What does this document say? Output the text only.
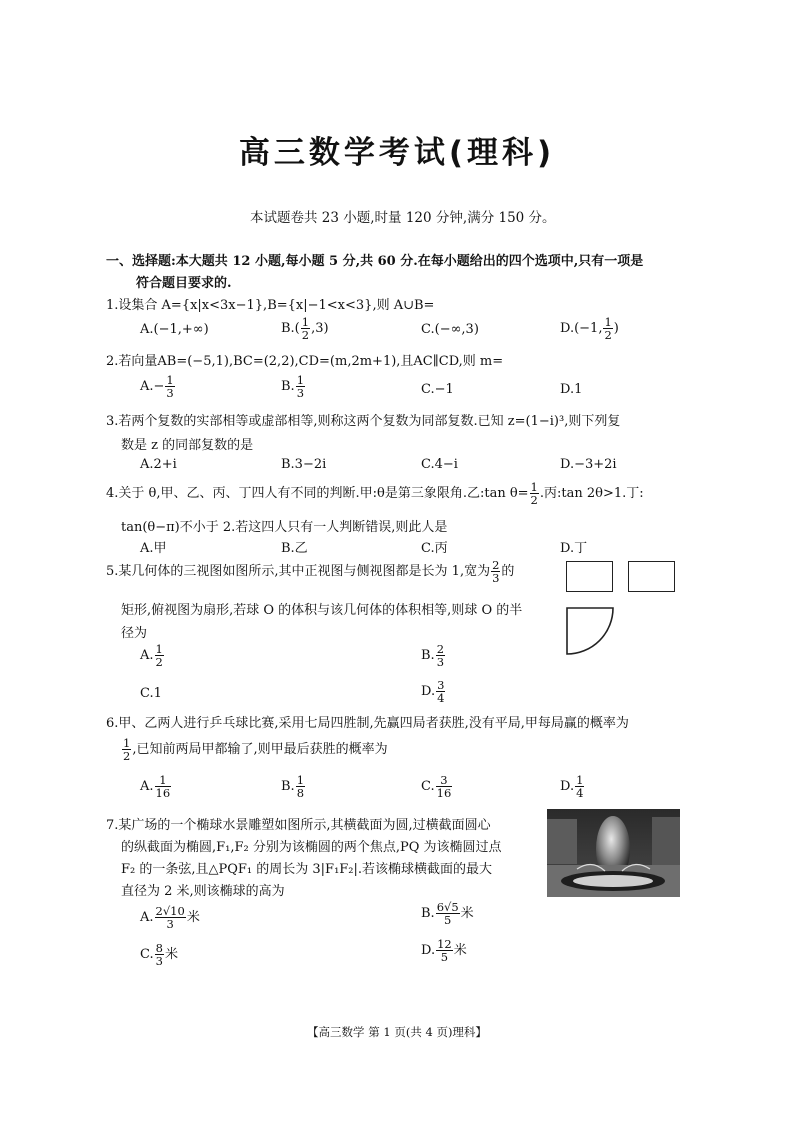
高三数学考试(理科)
本试题卷共 23 小题,时量 120 分钟,满分 150 分。
一、选择题:本大题共 12 小题,每小题 5 分,共 60 分.在每小题给出的四个选项中,只有一项是
符合题目要求的.
1.设集合 A={x|x<3x−1},B={x|−1<x<3},则 A∪B=
A.(−1,+∞)	$B.( \frac{1}{2} ,3)$	C.(−∞,3)	D.(−1, $\frac{1}{2}$ )
2.若向量AB=(−5,1),BC=(2,2),CD=(m,2m+1),且AC∥CD,则 m=
$A.- \frac{1}{3}$	B. $\frac{1}{3}$	C.−1	D.1
3.若两个复数的实部相等或虚部相等,则称这两个复数为同部复数.已知 z=(1−i)³,则下列复
数是 z 的同部复数的是
A.2+i	B.3−2i	C.4−i	D.−3+2i
4.关于 θ,甲、乙、丙、丁四人有不同的判断.甲:θ是第三象限角.乙:tan $\theta= \frac{1}{2}$ .丙:tan 2θ>1.丁:
tan(θ−π)不小于 2.若这四人只有一人判断错误,则此人是
A.甲	B.乙	C.丙	D.丁
5.某几何体的三视图如图所示,其中正视图与侧视图都是长为 1,宽为 $\frac{2}{3}$ 的
矩形,俯视图为扇形,若球 O 的体积与该几何体的体积相等,则球 O 的半
径为
A. $\frac{1}{2}$	B. $\frac{2}{3}$
C.1	D. $\frac{3}{4}$
6.甲、乙两人进行乒乓球比赛,采用七局四胜制,先赢四局者获胜,没有平局,甲每局赢的概率为
$\frac{1}{2}$ ,已知前两局甲都输了,则甲最后获胜的概率为
A. $\frac{1}{16}$	B. $\frac{1}{8}$	C. $\frac{3}{16}$	D. $\frac{1}{4}$
7.某广场的一个椭球水景雕塑如图所示,其横截面为圆,过横截面圆心
的纵截面为椭圆,F₁,F₂ 分别为该椭圆的两个焦点,PQ 为该椭圆过点
F₂ 的一条弦,且△PQF₁ 的周长为 3|F₁F₂|.若该椭球横截面的最大
直径为 2 米,则该椭球的高为
A. $\frac{2√10}{3}$ 米	B. $\frac{6√5}{5}$ 米
C. $\frac{8}{3}$ 米	D. $\frac{12}{5}$ 米
【高三数学 第 1 页(共 4 页)理科】
